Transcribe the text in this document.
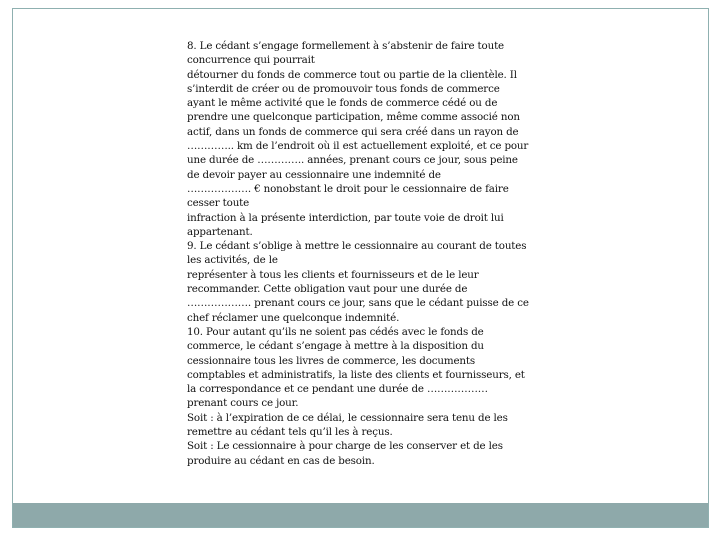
8. Le cédant s’engage formellement à s’abstenir de faire toute
concurrence qui pourrait
détourner du fonds de commerce tout ou partie de la clientèle. Il
s’interdit de créer ou de promouvoir tous fonds de commerce
ayant le même activité que le fonds de commerce cédé ou de
prendre une quelconque participation, même comme associé non
actif, dans un fonds de commerce qui sera créé dans un rayon de
………….. km de l’endroit où il est actuellement exploité, et ce pour
une durée de ………….. années, prenant cours ce jour, sous peine
de devoir payer au cessionnaire une indemnité de
………………. € nonobstant le droit pour le cessionnaire de faire
cesser toute
infraction à la présente interdiction, par toute voie de droit lui
appartenant.
9. Le cédant s’oblige à mettre le cessionnaire au courant de toutes
les activités, de le
représenter à tous les clients et fournisseurs et de le leur
recommander. Cette obligation vaut pour une durée de
………………. prenant cours ce jour, sans que le cédant puisse de ce
chef réclamer une quelconque indemnité.
10. Pour autant qu’ils ne soient pas cédés avec le fonds de
commerce, le cédant s’engage à mettre à la disposition du
cessionnaire tous les livres de commerce, les documents
comptables et administratifs, la liste des clients et fournisseurs, et
la correspondance et ce pendant une durée de ………………
prenant cours ce jour.
Soit : à l’expiration de ce délai, le cessionnaire sera tenu de les
remettre au cédant tels qu’il les à reçus.
Soit : Le cessionnaire à pour charge de les conserver et de les
produire au cédant en cas de besoin.
